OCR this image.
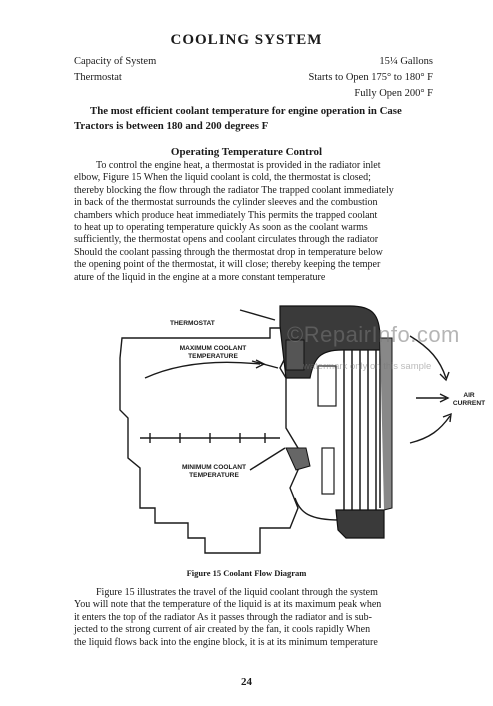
COOLING SYSTEM
Capacity of System	15¼ Gallons
Thermostat	Starts to Open 175° to 180° F
Fully Open 200° F
The most efficient coolant temperature for engine operation in Case
Tractors is between 180 and 200 degrees F
Operating Temperature Control
To control the engine heat, a thermostat is provided in the radiator inlet
elbow, Figure 15 When the liquid coolant is cold, the thermostat is closed;
thereby blocking the flow through the radiator The trapped coolant immediately
in back of the thermostat surrounds the cylinder sleeves and the combustion
chambers which produce heat immediately This permits the trapped coolant
to heat up to operating temperature quickly As soon as the coolant warms
sufficiently, the thermostat opens and coolant circulates through the radiator
Should the coolant passing through the thermostat drop in temperature below
the opening point of the thermostat, it will close; thereby keeping the temper
ature of the liquid in the engine at a more constant temperature
THERMOSTAT
MAXIMUM COOLANT
TEMPERATURE
MINIMUM COOLANT
TEMPERATURE
AIR
CURRENT
©RepairInfo.com
watermark only on this sample
Figure 15 Coolant Flow Diagram
Figure 15 illustrates the travel of the liquid coolant through the system
You will note that the temperature of the liquid is at its maximum peak when
it enters the top of the radiator As it passes through the radiator and is sub-
jected to the strong current of air created by the fan, it cools rapidly When
the liquid flows back into the engine block, it is at its minimum temperature
24
